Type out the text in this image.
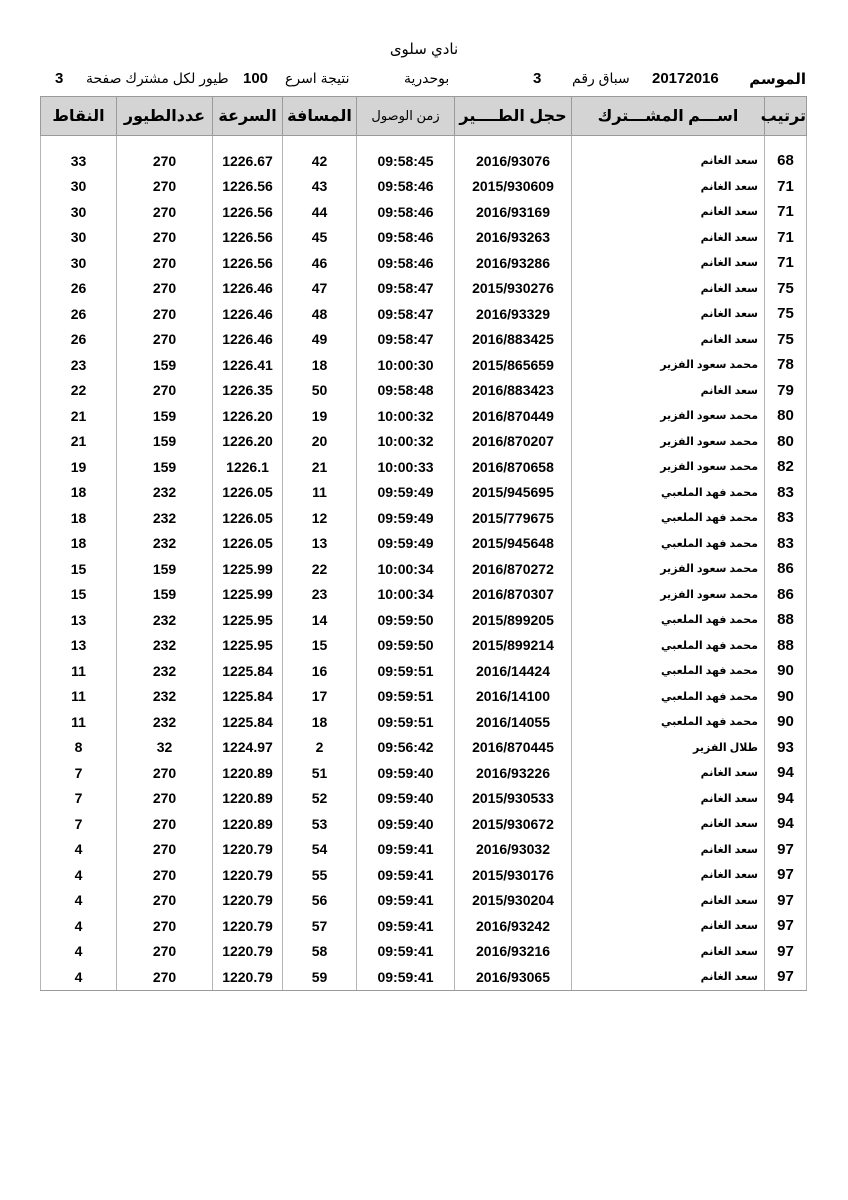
نادي سلوى
الموسم
20172016
سباق رقم
3
بوحدرية
نتيجة اسرع
100
طيور لكل مشترك صفحة
3
ترتيب	اســـم المشـــترك	حجل الطــــير	زمن الوصول	المسافة	السرعة	عددالطيور	النقاط

68	سعد الغانم	2016/93076	09:58:45	42	1226.67	270	33
71	سعد الغانم	2015/930609	09:58:46	43	1226.56	270	30
71	سعد الغانم	2016/93169	09:58:46	44	1226.56	270	30
71	سعد الغانم	2016/93263	09:58:46	45	1226.56	270	30
71	سعد الغانم	2016/93286	09:58:46	46	1226.56	270	30
75	سعد الغانم	2015/930276	09:58:47	47	1226.46	270	26
75	سعد الغانم	2016/93329	09:58:47	48	1226.46	270	26
75	سعد الغانم	2016/883425	09:58:47	49	1226.46	270	26
78	محمد سعود الفزير	2015/865659	10:00:30	18	1226.41	159	23
79	سعد الغانم	2016/883423	09:58:48	50	1226.35	270	22
80	محمد سعود الفزير	2016/870449	10:00:32	19	1226.20	159	21
80	محمد سعود الفزير	2016/870207	10:00:32	20	1226.20	159	21
82	محمد سعود الفزير	2016/870658	10:00:33	21	1226.1	159	19
83	محمد فهد الملعبي	2015/945695	09:59:49	11	1226.05	232	18
83	محمد فهد الملعبي	2015/779675	09:59:49	12	1226.05	232	18
83	محمد فهد الملعبي	2015/945648	09:59:49	13	1226.05	232	18
86	محمد سعود الفزير	2016/870272	10:00:34	22	1225.99	159	15
86	محمد سعود الفزير	2016/870307	10:00:34	23	1225.99	159	15
88	محمد فهد الملعبي	2015/899205	09:59:50	14	1225.95	232	13
88	محمد فهد الملعبي	2015/899214	09:59:50	15	1225.95	232	13
90	محمد فهد الملعبي	2016/14424	09:59:51	16	1225.84	232	11
90	محمد فهد الملعبي	2016/14100	09:59:51	17	1225.84	232	11
90	محمد فهد الملعبي	2016/14055	09:59:51	18	1225.84	232	11
93	طلال الفزير	2016/870445	09:56:42	2	1224.97	32	8
94	سعد الغانم	2016/93226	09:59:40	51	1220.89	270	7
94	سعد الغانم	2015/930533	09:59:40	52	1220.89	270	7
94	سعد الغانم	2015/930672	09:59:40	53	1220.89	270	7
97	سعد الغانم	2016/93032	09:59:41	54	1220.79	270	4
97	سعد الغانم	2015/930176	09:59:41	55	1220.79	270	4
97	سعد الغانم	2015/930204	09:59:41	56	1220.79	270	4
97	سعد الغانم	2016/93242	09:59:41	57	1220.79	270	4
97	سعد الغانم	2016/93216	09:59:41	58	1220.79	270	4
97	سعد الغانم	2016/93065	09:59:41	59	1220.79	270	4
